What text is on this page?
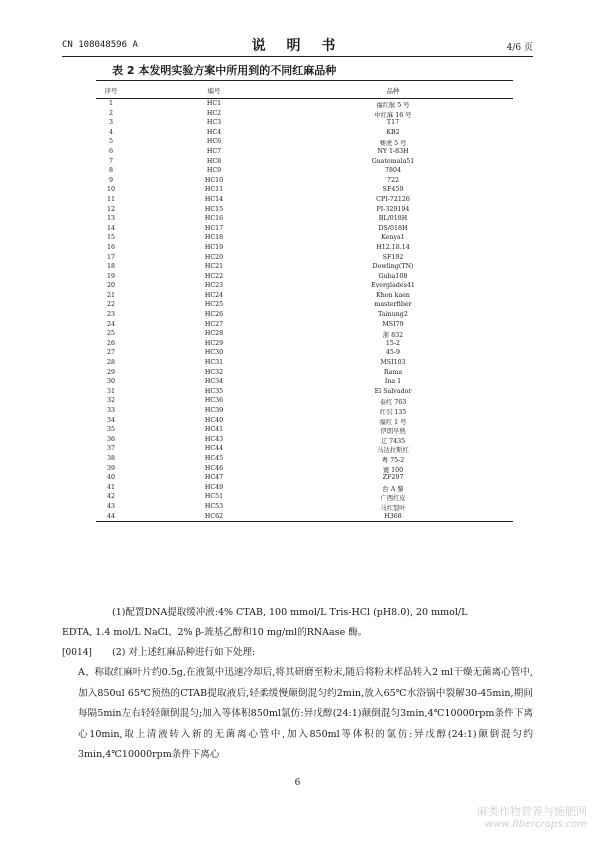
CN 108048596 A	说 明 书	4/6 页
表 2 本发明实验方案中所用到的不同红麻品种
序号	编号	品种
1	HC1	福红航 5 号
2	HC2	中红麻 16 号
3	HC3	T17
4	HC4	KB2
5	HC6	赛虎 5 号
6	HC7	NY 1-83H
7	HC8	Guatemala51
8	HC9	7804
9	HC10	722
10	HC11	SF459
11	HC14	CPI-72126
12	HC15	PI-329194
13	HC16	BL/018H
14	HC17	DS/018H
15	HC18	Kenya1
16	HC19	H12.18.14
17	HC20	SF192
18	HC21	Dowling(TN)
19	HC22	Guba108
20	HC23	Everglades41
21	HC24	Khon kaen
22	HC25	masterfiber
23	HC26	Tainung2
24	HC27	MSI79
25	HC28	浙 832
26	HC29	15-2
27	HC30	45-9
28	HC31	MSI103
29	HC32	Rama
30	HC34	Ina 1
31	HC35	El Salvador
32	HC36	泰红 763
33	HC39	红引 135
34	HC40	福红 1 号
35	HC41	伊朗早熟
36	HC43	辽 7435
37	HC44	马达拉斯红
38	HC45	粤 75-2
39	HC46	寰 100
40	HC47	ZF297
41	HC49	台 A 黎
42	HC51	广西红皮
43	HC53	马红裂叶
44	HC62	H368
(1)配置DNA提取缓冲液:4% CTAB, 100 mmol/L Tris-HCl (pH8.0), 20 mmol/L
EDTA, 1.4 mol/L NaCl、2% β-巯基乙醇和10 mg/ml的RNAase 酶。
[0014] (2) 对上述红麻品种进行如下处理:
A、称取红麻叶片约0.5g,在液氮中迅速冷却后,将其研磨至粉末,随后将粉末样品转入2 ml干燥无菌离心管中,加入850ul 65℃预热的CTAB提取液后,轻柔缓慢颠倒混匀约2min,放入65℃水浴锅中裂解30-45min,期间每隔5min左右轻轻颠倒混匀;加入等体积850ml氯仿:异戊醇(24:1)颠倒混匀3min,4℃10000rpm条件下离心10min,取上清液转入新的无菌离心管中,加入850ml等体积的氯仿:异戊醇(24:1)颠倒混匀约3min,4℃10000rpm条件下离心
6
麻类作物营养与施肥网
www.fibercrops.com
